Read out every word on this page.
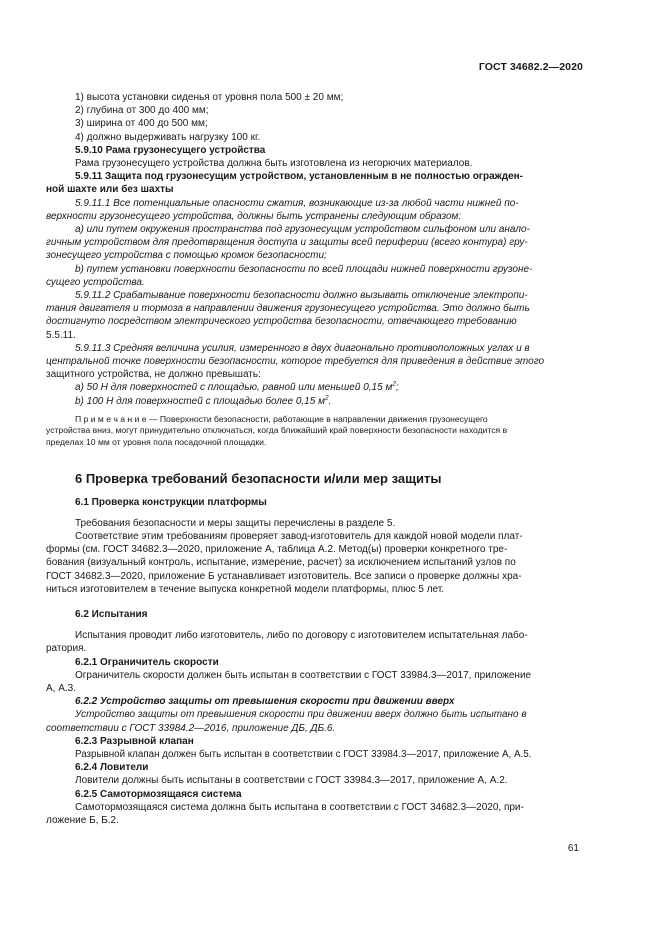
ГОСТ 34682.2—2020

1) высота установки сиденья от уровня пола 500 ± 20 мм;

2) глубина от 300 до 400 мм;

3) ширина от 400 до 500 мм;

4) должно выдерживать нагрузку 100 кг.

5.9.10 Рама грузонесущего устройства

Рама грузонесущего устройства должна быть изготовлена из негорючих материалов.

5.9.11 Защита под грузонесущим устройством, установленным в не полностью огражден-

ной шахте или без шахты

5.9.11.1 Все потенциальные опасности сжатия, возникающие из-за любой части нижней по-

верхности грузонесущего устройства, должны быть устранены следующим образом:

a) или путем окружения пространства под грузонесущим устройством сильфоном или анало-

гичным устройством для предотвращения доступа и защиты всей периферии (всего контура) гру-

зонесущего устройства с помощью кромок безопасности;

b) путем установки поверхности безопасности по всей площади нижней поверхности грузоне-

сущего устройства.

5.9.11.2 Срабатывание поверхности безопасности должно вызывать отключение электропи-

тания двигателя и тормоза в направлении движения грузонесущего устройства. Это должно быть

достигнуто посредством электрического устройства безопасности, отвечающего требованию

5.5.11.

5.9.11.3 Средняя величина усилия, измеренного в двух диагонально противоположных углах и в

центральной точке поверхности безопасности, которое требуется для приведения в действие этого

защитного устройства, не должно превышать:

a) 50 Н для поверхностей с площадью, равной или меньшей 0,15 $м^2$;

b) 100 Н для поверхностей с площадью более 0,15 $м^2$.

П р и м е ч а н и е — Поверхности безопасности, работающие в направлении движения грузонесущего

устройства вниз, могут принудительно отключаться, когда ближайший край поверхности безопасности находится в

пределах 10 мм от уровня пола посадочной площадки.

6 Проверка требований безопасности и/или мер защиты

6.1 Проверка конструкции платформы

Требования безопасности и меры защиты перечислены в разделе 5.

Соответствие этим требованиям проверяет завод-изготовитель для каждой новой модели плат-

формы (см. ГОСТ 34682.3—2020, приложение А, таблица А.2. Метод(ы) проверки конкретного тре-

бования (визуальный контроль, испытание, измерение, расчет) за исключением испытаний узлов по

ГОСТ 34682.3—2020, приложение Б устанавливает изготовитель. Все записи о проверке должны хра-

ниться изготовителем в течение выпуска конкретной модели платформы, плюс 5 лет.

6.2 Испытания

Испытания проводит либо изготовитель, либо по договору с изготовителем испытательная лабо-

ратория.

6.2.1 Ограничитель скорости

Ограничитель скорости должен быть испытан в соответствии с ГОСТ 33984.3—2017, приложение

А, А.3.

6.2.2 Устройство защиты от превышения скорости при движении вверх

Устройство защиты от превышения скорости при движении вверх должно быть испытано в

соответствии с ГОСТ 33984.2—2016, приложение ДБ, ДБ.6.

6.2.3 Разрывной клапан

Разрывной клапан должен быть испытан в соответствии с ГОСТ 33984.3—2017, приложение А, А.5.

6.2.4 Ловители

Ловители должны быть испытаны в соответствии с ГОСТ 33984.3—2017, приложение А, А.2.

6.2.5 Самотормозящаяся система

Самотормозящаяся система должна быть испытана в соответствии с ГОСТ 34682.3—2020, при-

ложение Б, Б.2.

61
